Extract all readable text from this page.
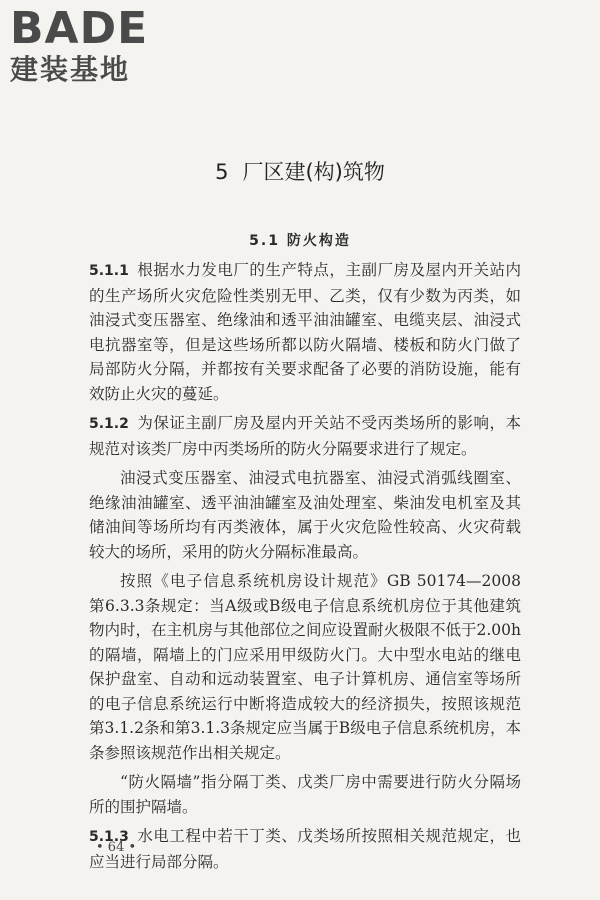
BADE
建装基地
5 厂区建(构)筑物
5.1 防火构造

5.1.1 根据水力发电厂的生产特点，主副厂房及屋内开关站内的生产场所火灾危险性类别无甲、乙类，仅有少数为丙类，如油浸式变压器室、绝缘油和透平油油罐室、电缆夹层、油浸式电抗器室等，但是这些场所都以防火隔墙、楼板和防火门做了局部防火分隔，并都按有关要求配备了必要的消防设施，能有效防止火灾的蔓延。

5.1.2 为保证主副厂房及屋内开关站不受丙类场所的影响，本规范对该类厂房中丙类场所的防火分隔要求进行了规定。

油浸式变压器室、油浸式电抗器室、油浸式消弧线圈室、绝缘油油罐室、透平油油罐室及油处理室、柴油发电机室及其储油间等场所均有丙类液体，属于火灾危险性较高、火灾荷载较大的场所，采用的防火分隔标准最高。

按照《电子信息系统机房设计规范》GB 50174—2008 第6.3.3条规定：当A级或B级电子信息系统机房位于其他建筑物内时，在主机房与其他部位之间应设置耐火极限不低于2.00h的隔墙，隔墙上的门应采用甲级防火门。大中型水电站的继电保护盘室、自动和远动装置室、电子计算机房、通信室等场所的电子信息系统运行中断将造成较大的经济损失，按照该规范第3.1.2条和第3.1.3条规定应当属于B级电子信息系统机房，本条参照该规范作出相关规定。

“防火隔墙”指分隔丁类、戊类厂房中需要进行防火分隔场所的围护隔墙。

5.1.3 水电工程中若干丁类、戊类场所按照相关规范规定，也应当进行局部分隔。

• 64 •
